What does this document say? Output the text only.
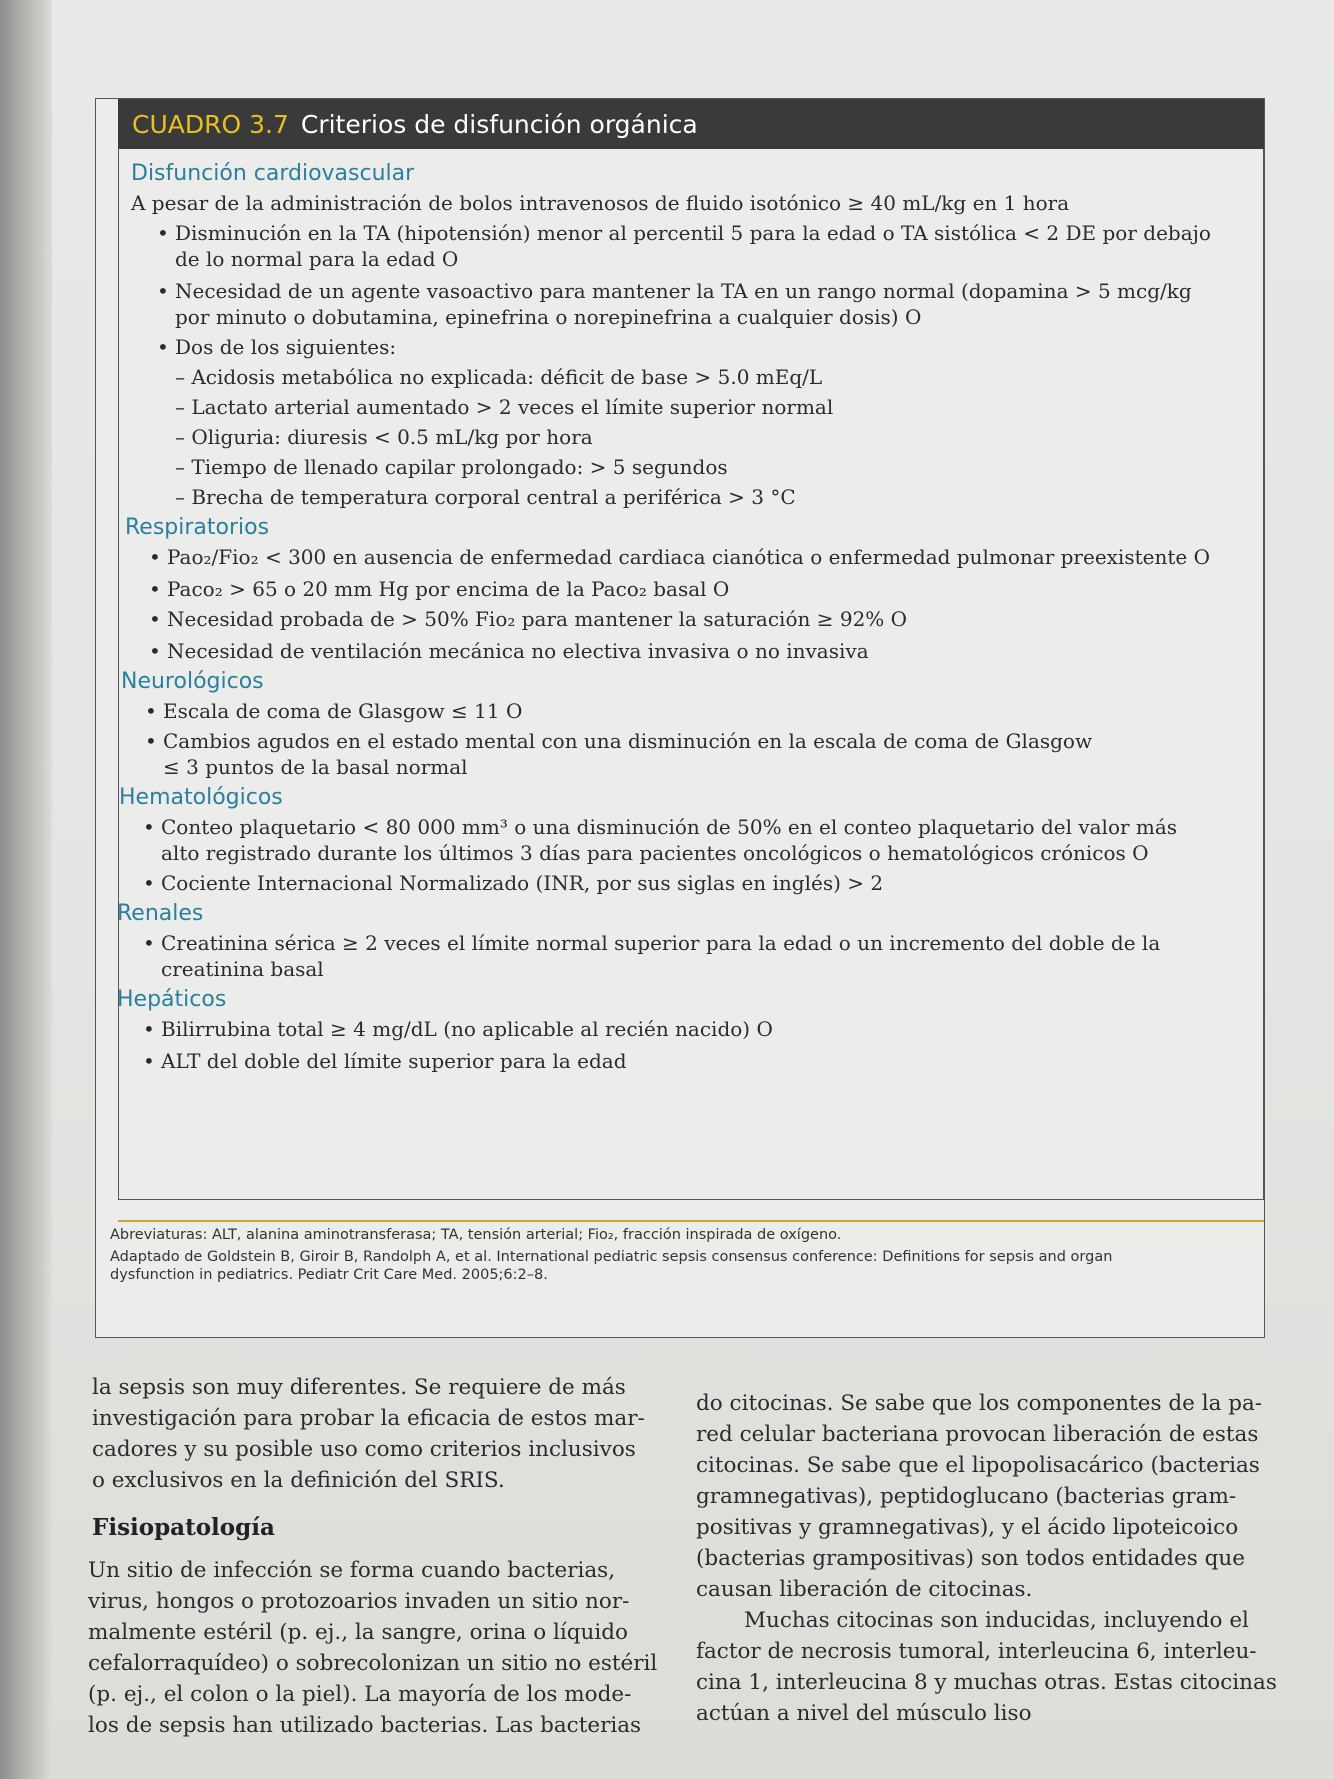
CUADRO 3.7 Criterios de disfunción orgánica
Disfunción cardiovascular
A pesar de la administración de bolos intravenosos de fluido isotónico ≥ 40 mL/kg en 1 hora
• Disminución en la TA (hipotensión) menor al percentil 5 para la edad o TA sistólica < 2 DE por debajo
de lo normal para la edad O
• Necesidad de un agente vasoactivo para mantener la TA en un rango normal (dopamina > 5 mcg/kg
por minuto o dobutamina, epinefrina o norepinefrina a cualquier dosis) O
• Dos de los siguientes:
– Acidosis metabólica no explicada: déficit de base > 5.0 mEq/L
– Lactato arterial aumentado > 2 veces el límite superior normal
– Oliguria: diuresis < 0.5 mL/kg por hora
– Tiempo de llenado capilar prolongado: > 5 segundos
– Brecha de temperatura corporal central a periférica > 3 °C
Respiratorios
• Pao₂/Fio₂ < 300 en ausencia de enfermedad cardiaca cianótica o enfermedad pulmonar preexistente O
• Paco₂ > 65 o 20 mm Hg por encima de la Paco₂ basal O
• Necesidad probada de > 50% Fio₂ para mantener la saturación ≥ 92% O
• Necesidad de ventilación mecánica no electiva invasiva o no invasiva
Neurológicos
• Escala de coma de Glasgow ≤ 11 O
• Cambios agudos en el estado mental con una disminución en la escala de coma de Glasgow
≤ 3 puntos de la basal normal
Hematológicos
• Conteo plaquetario < 80 000 mm³ o una disminución de 50% en el conteo plaquetario del valor más
alto registrado durante los últimos 3 días para pacientes oncológicos o hematológicos crónicos O
• Cociente Internacional Normalizado (INR, por sus siglas en inglés) > 2
Renales
• Creatinina sérica ≥ 2 veces el límite normal superior para la edad o un incremento del doble de la
creatinina basal
Hepáticos
• Bilirrubina total ≥ 4 mg/dL (no aplicable al recién nacido) O
• ALT del doble del límite superior para la edad
Abreviaturas: ALT, alanina aminotransferasa; TA, tensión arterial; Fio₂, fracción inspirada de oxígeno.
Adaptado de Goldstein B, Giroir B, Randolph A, et al. International pediatric sepsis consensus conference: Definitions for sepsis and organ
dysfunction in pediatrics. Pediatr Crit Care Med. 2005;6:2–8.
la sepsis son muy diferentes. Se requiere de más
investigación para probar la eficacia de estos mar-
cadores y su posible uso como criterios inclusivos
o exclusivos en la definición del SRIS.
Fisiopatología
Un sitio de infección se forma cuando bacterias,
virus, hongos o protozoarios invaden un sitio nor-
malmente estéril (p. ej., la sangre, orina o líquido
cefalorraquídeo) o sobrecolonizan un sitio no estéril
(p. ej., el colon o la piel). La mayoría de los mode-
los de sepsis han utilizado bacterias. Las bacterias
do citocinas. Se sabe que los componentes de la pa-
red celular bacteriana provocan liberación de estas
citocinas. Se sabe que el lipopolisacárico (bacterias
gramnegativas), peptidoglucano (bacterias gram-
positivas y gramnegativas), y el ácido lipoteicoico
(bacterias grampositivas) son todos entidades que
causan liberación de citocinas.
Muchas citocinas son inducidas, incluyendo el
factor de necrosis tumoral, interleucina 6, interleu-
cina 1, interleucina 8 y muchas otras. Estas citocinas
actúan a nivel del músculo liso
